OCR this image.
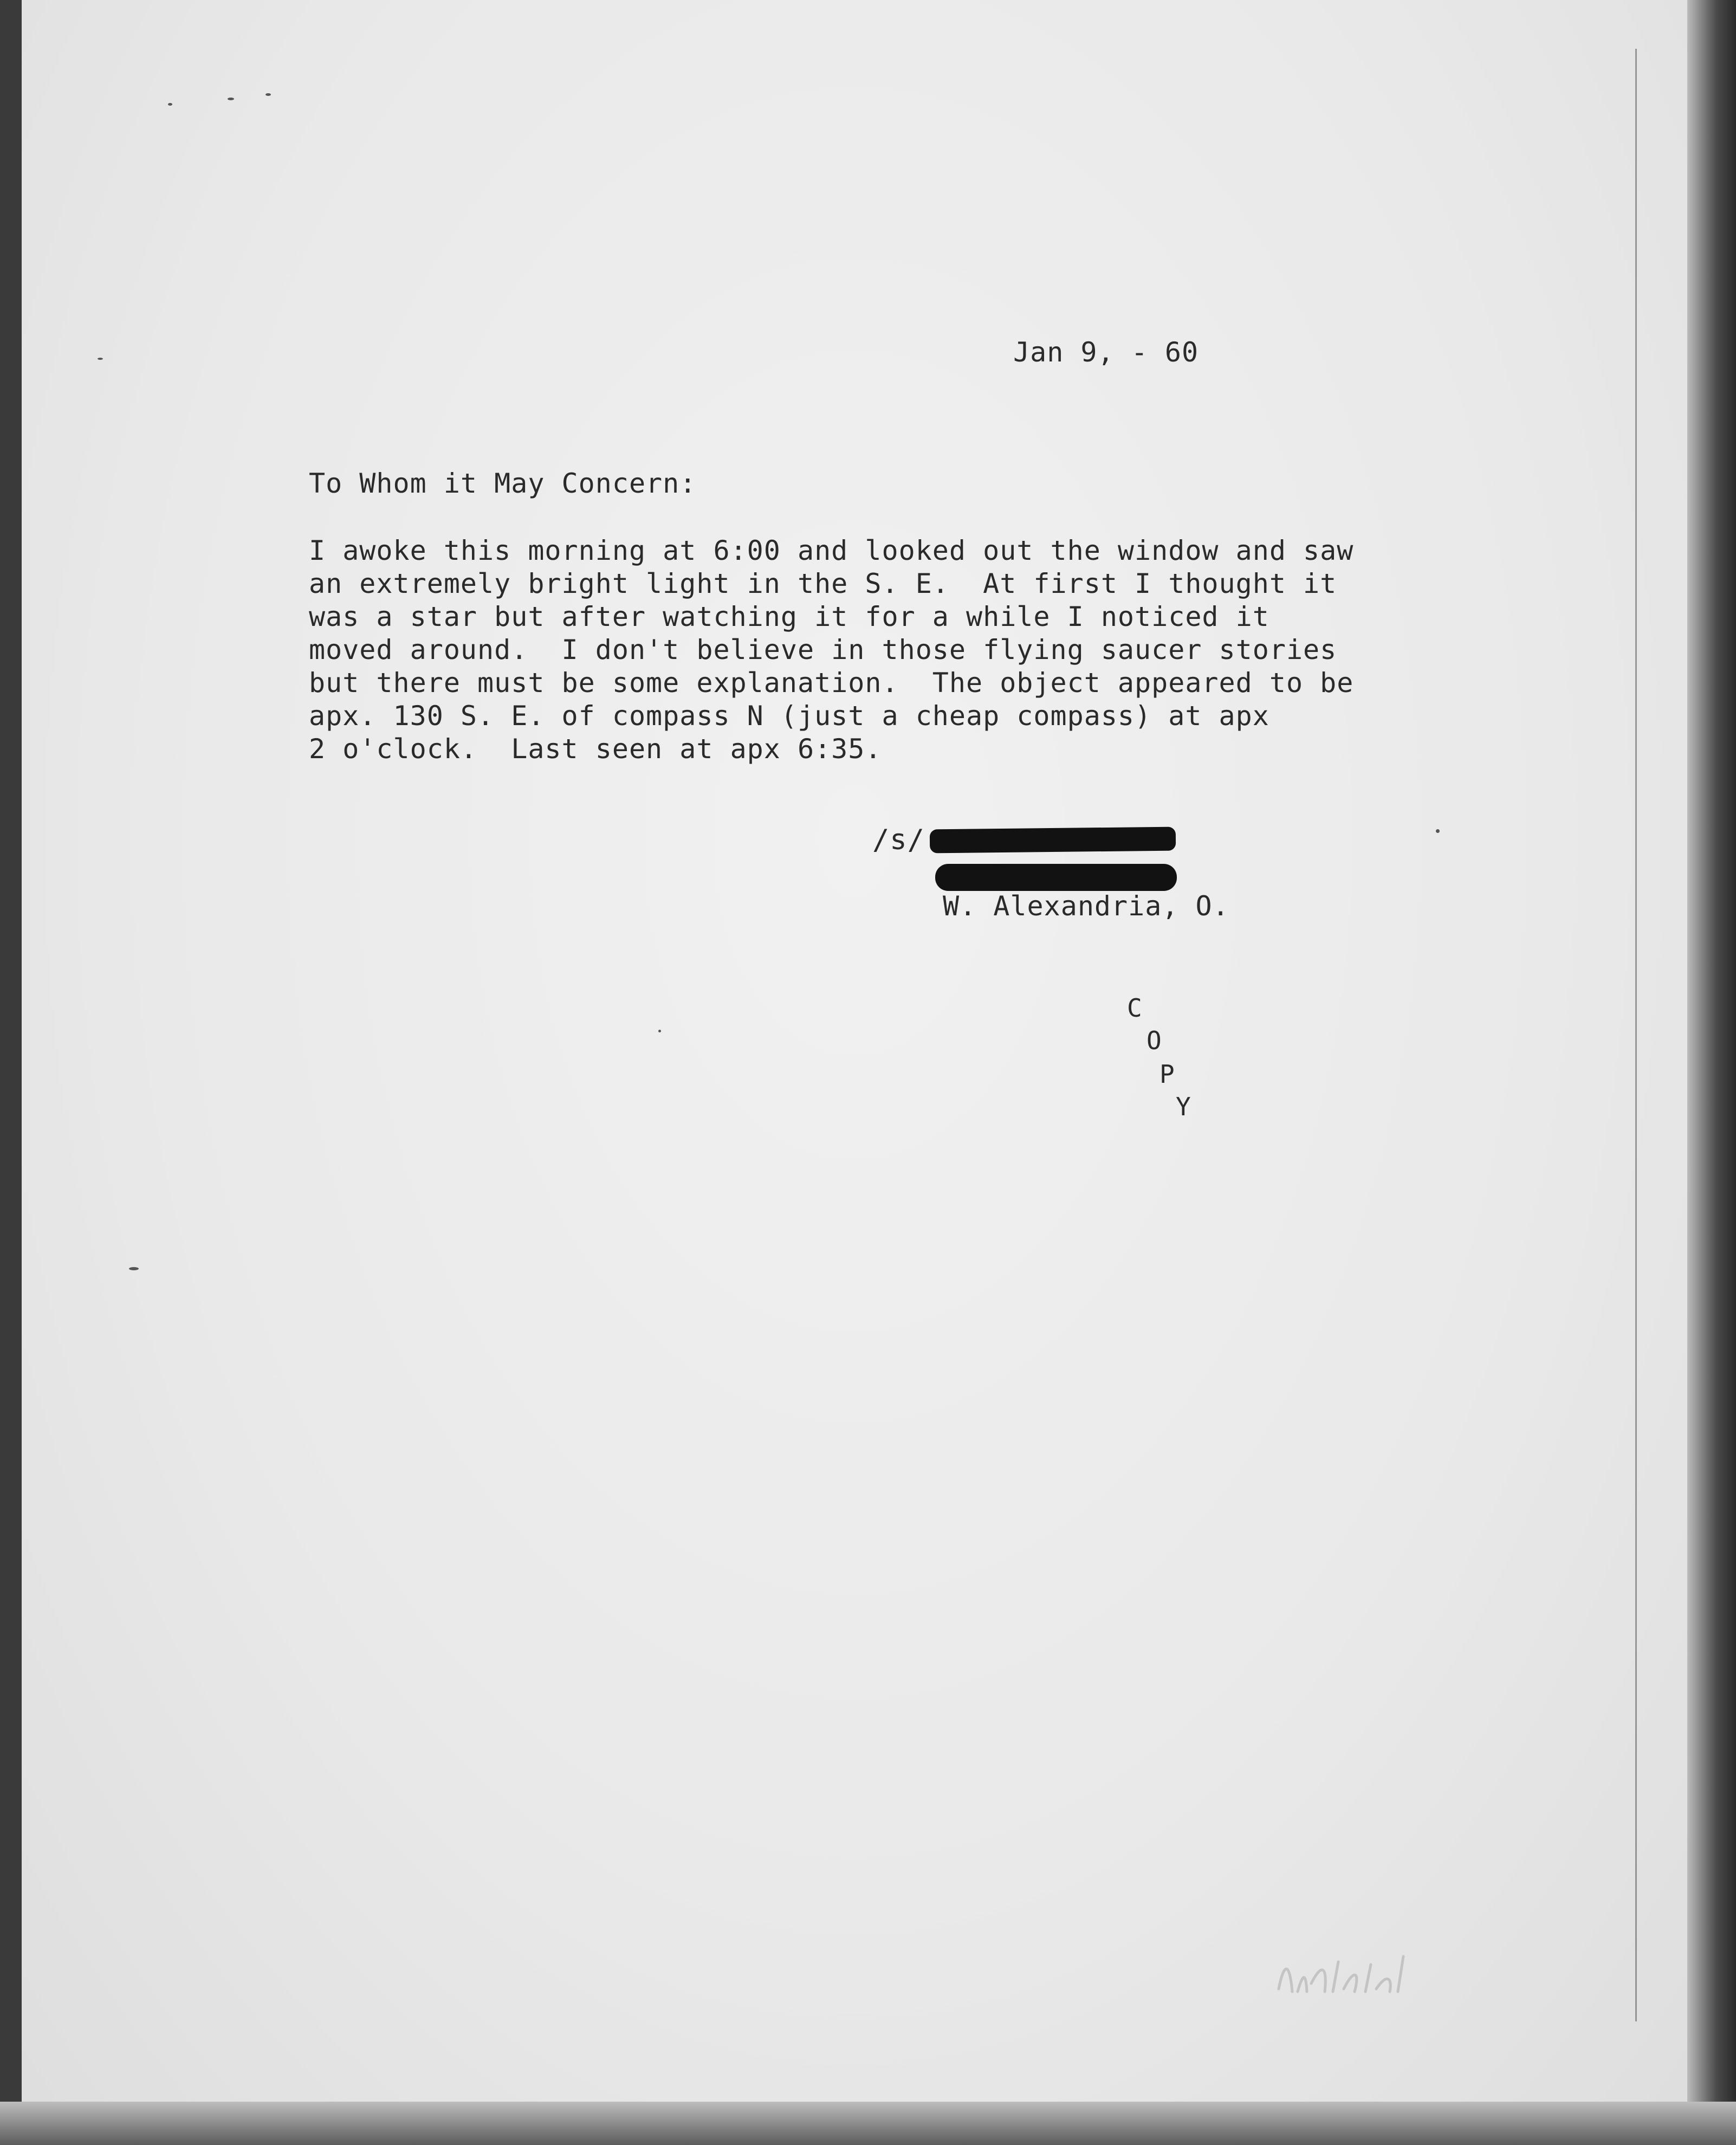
Jan 9, - 60
To Whom it May Concern:
I awoke this morning at 6:00 and looked out the window and saw
an extremely bright light in the S. E.  At first I thought it
was a star but after watching it for a while I noticed it
moved around.  I don't believe in those flying saucer stories
but there must be some explanation.  The object appeared to be
apx. 130 S. E. of compass N (just a cheap compass) at apx
2 o'clock.  Last seen at apx 6:35.
/s/
W. Alexandria, O.
C
O
P
Y
